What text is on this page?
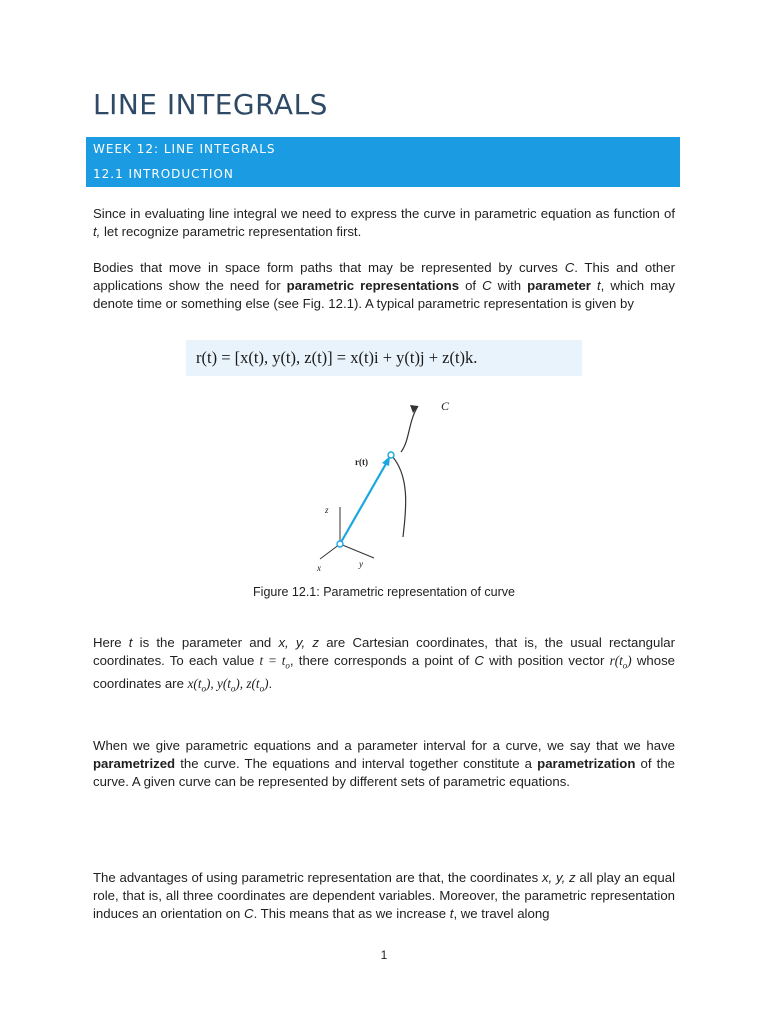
LINE INTEGRALS
WEEK 12: LINE INTEGRALS
12.1 INTRODUCTION

Since in evaluating line integral we need to express the curve in parametric equation as function of t, let recognize parametric representation first.

Bodies that move in space form paths that may be represented by curves C. This and other applications show the need for parametric representations of C with parameter t, which may denote time or something else (see Fig. 12.1). A typical parametric representation is given by

r(t) = [x(t), y(t), z(t)] = x(t)i + y(t)j + z(t)k.
C
r(t)
z
x	y
Figure 12.1: Parametric representation of curve

Here t is the parameter and x, y, z are Cartesian coordinates, that is, the usual rectangular coordinates. To each value $t = t_o$, there corresponds a point of C with position vector $r(t_o)$ whose coordinates are $x(t_o)$, $y(t_o)$, $z(t_o)$.

When we give parametric equations and a parameter interval for a curve, we say that we have parametrized the curve. The equations and interval together constitute a parametrization of the curve. A given curve can be represented by different sets of parametric equations.

The advantages of using parametric representation are that, the coordinates x, y, z all play an equal role, that is, all three coordinates are dependent variables. Moreover, the parametric representation induces an orientation on C. This means that as we increase t, we travel along

1
